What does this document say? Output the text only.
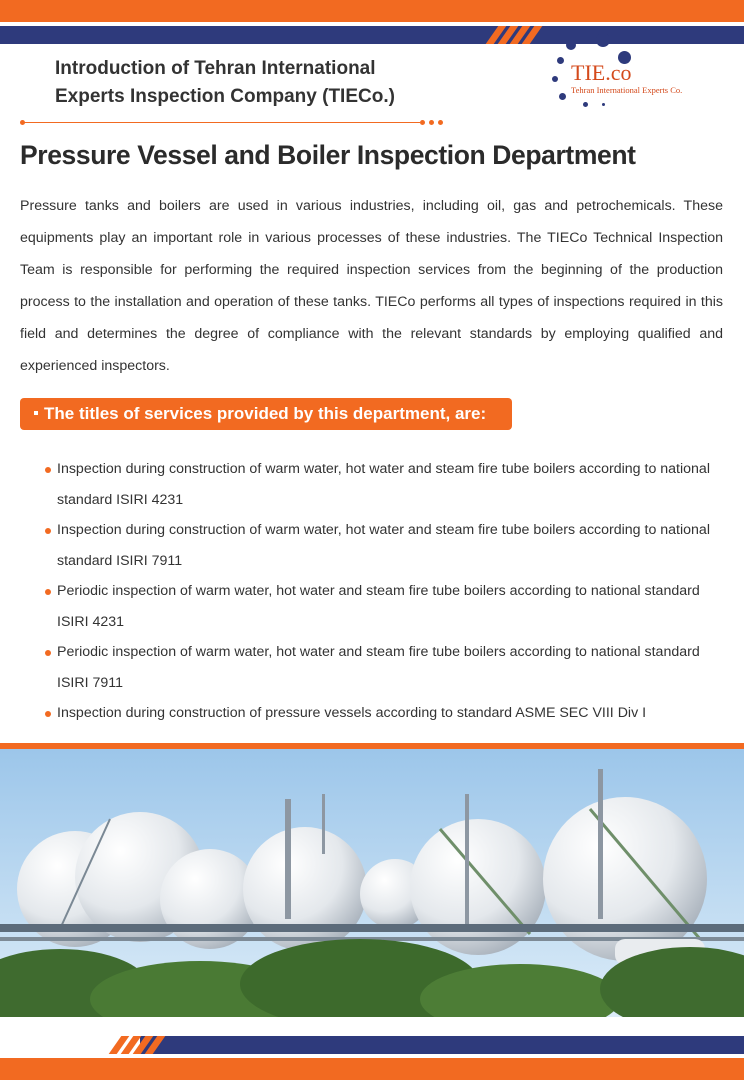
Introduction of Tehran International
Experts Inspection Company (TIECo.)
TIE.co
Tehran International Experts Co.
Pressure Vessel and Boiler Inspection Department
Pressure tanks and boilers are used in various industries, including oil, gas and petrochemicals. These equipments play an important role in various processes of these industries. The TIECo Technical Inspection Team is responsible for performing the required inspection services from the beginning of the production process to the installation and operation of these tanks. TIECo performs all types of inspections required in this field and determines the degree of compliance with the relevant standards by employing qualified and experienced inspectors.
The titles of services provided by this department, are:
Inspection during construction of warm water, hot water and steam fire tube boilers according to national standard ISIRI 4231
Inspection during construction of warm water, hot water and steam fire tube boilers according to national standard ISIRI 7911
Periodic inspection of warm water, hot water and steam fire tube boilers according to national standard ISIRI 4231
Periodic inspection of warm water, hot water and steam fire tube boilers according to national standard ISIRI 7911
Inspection during construction of pressure vessels according to standard ASME SEC VIII Div I
